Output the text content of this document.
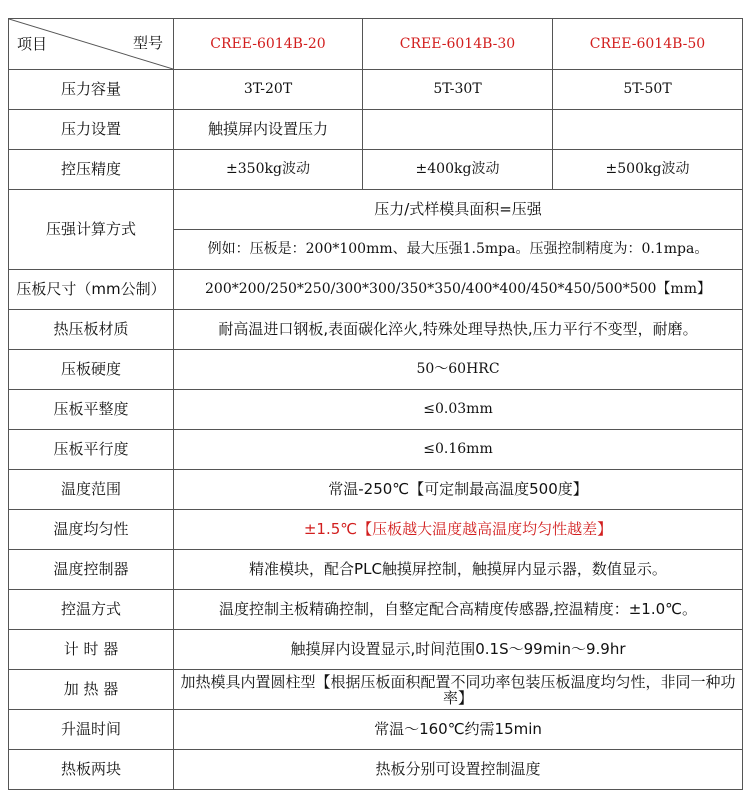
项目 型号	CREE-6014B-20	CREE-6014B-30	CREE-6014B-50
压力容量	3T-20T	5T-30T	5T-50T
压力设置	触摸屏内设置压力		
控压精度	±350kg波动	±400kg波动	±500kg波动
压强计算方式	压力/式样模具面积=压强		
	例如：压板是：200*100mm、最大压强1.5mpa。压强控制精度为：0.1mpa。		
压板尺寸（mm公制）	200*200/250*250/300*300/350*350/400*400/450*450/500*500【mm】		
热压板材质	耐高温进口钢板,表面碳化淬火,特殊处理导热快,压力平行不变型，耐磨。		
压板硬度	50～60HRC		
压板平整度	≤0.03mm		
压板平行度	≤0.16mm		
温度范围	常温-250℃【可定制最高温度500度】		
温度均匀性	±1.5℃【压板越大温度越高温度均匀性越差】		
温度控制器	精准模块，配合PLC触摸屏控制，触摸屏内显示器，数值显示。		
控温方式	温度控制主板精确控制，自整定配合高精度传感器,控温精度：±1.0℃。		
计 时 器	触摸屏内设置显示,时间范围0.1S～99min～9.9hr		
加 热 器	加热模具内置圆柱型【根据压板面积配置不同功率包装压板温度均匀性，非同一种功率】		
升温时间	常温～160℃约需15min		
热板两块	热板分别可设置控制温度		
